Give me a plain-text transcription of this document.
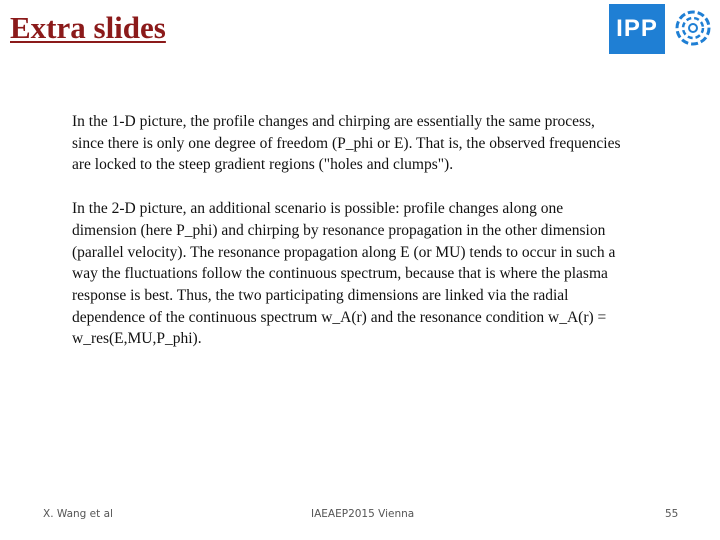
Extra slides	IPP

In the 1-D picture, the profile changes and chirping are essentially the same process, since there is only one degree of freedom (P_phi or E). That is, the observed frequencies are locked to the steep gradient regions ("holes and clumps").

In the 2-D picture, an additional scenario is possible: profile changes along one dimension (here P_phi) and chirping by resonance propagation in the other dimension (parallel velocity). The resonance propagation along E (or MU) tends to occur in such a way the fluctuations follow the continuous spectrum, because that is where the plasma response is best. Thus, the two participating dimensions are linked via the radial dependence of the continuous spectrum w_A(r) and the resonance condition w_A(r) = w_res(E,MU,P_phi).

X. Wang et al	IAEAEP2015 Vienna	55
